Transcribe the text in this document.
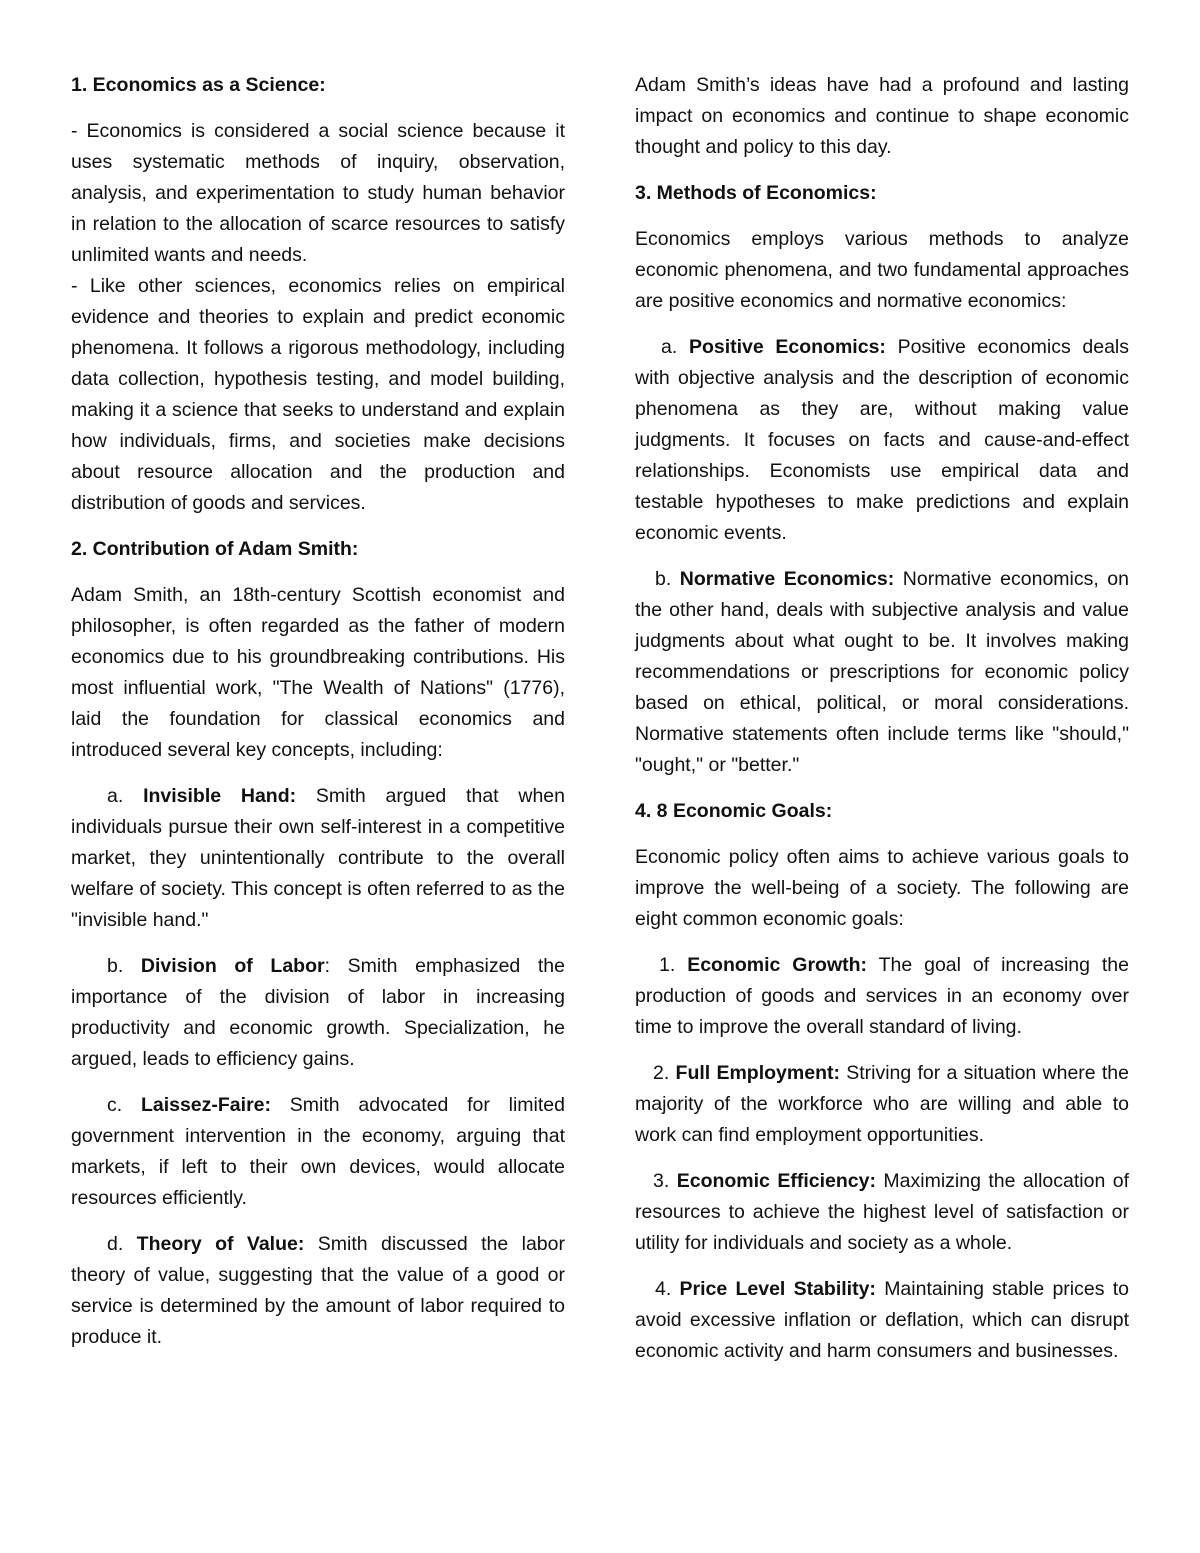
1. Economics as a Science:

- Economics is considered a social science because it uses systematic methods of inquiry, observation, analysis, and experimentation to study human behavior in relation to the allocation of scarce resources to satisfy unlimited wants and needs.

- Like other sciences, economics relies on empirical evidence and theories to explain and predict economic phenomena. It follows a rigorous methodology, including data collection, hypothesis testing, and model building, making it a science that seeks to understand and explain how individuals, firms, and societies make decisions about resource allocation and the production and distribution of goods and services.

2. Contribution of Adam Smith:

Adam Smith, an 18th-century Scottish economist and philosopher, is often regarded as the father of modern economics due to his groundbreaking contributions. His most influential work, "The Wealth of Nations" (1776), laid the foundation for classical economics and introduced several key concepts, including:

a. Invisible Hand: Smith argued that when individuals pursue their own self-interest in a competitive market, they unintentionally contribute to the overall welfare of society. This concept is often referred to as the "invisible hand."

b. Division of Labor: Smith emphasized the importance of the division of labor in increasing productivity and economic growth. Specialization, he argued, leads to efficiency gains.

c. Laissez-Faire: Smith advocated for limited government intervention in the economy, arguing that markets, if left to their own devices, would allocate resources efficiently.

d. Theory of Value: Smith discussed the labor theory of value, suggesting that the value of a good or service is determined by the amount of labor required to produce it.

Adam Smith’s ideas have had a profound and lasting impact on economics and continue to shape economic thought and policy to this day.

3. Methods of Economics:

Economics employs various methods to analyze economic phenomena, and two fundamental approaches are positive economics and normative economics:

a. Positive Economics: Positive economics deals with objective analysis and the description of economic phenomena as they are, without making value judgments. It focuses on facts and cause-and-effect relationships. Economists use empirical data and testable hypotheses to make predictions and explain economic events.

b. Normative Economics: Normative economics, on the other hand, deals with subjective analysis and value judgments about what ought to be. It involves making recommendations or prescriptions for economic policy based on ethical, political, or moral considerations. Normative statements often include terms like "should," "ought," or "better."

4. 8 Economic Goals:

Economic policy often aims to achieve various goals to improve the well-being of a society. The following are eight common economic goals:

1. Economic Growth: The goal of increasing the production of goods and services in an economy over time to improve the overall standard of living.

2. Full Employment: Striving for a situation where the majority of the workforce who are willing and able to work can find employment opportunities.

3. Economic Efficiency: Maximizing the allocation of resources to achieve the highest level of satisfaction or utility for individuals and society as a whole.

4. Price Level Stability: Maintaining stable prices to avoid excessive inflation or deflation, which can disrupt economic activity and harm consumers and businesses.
